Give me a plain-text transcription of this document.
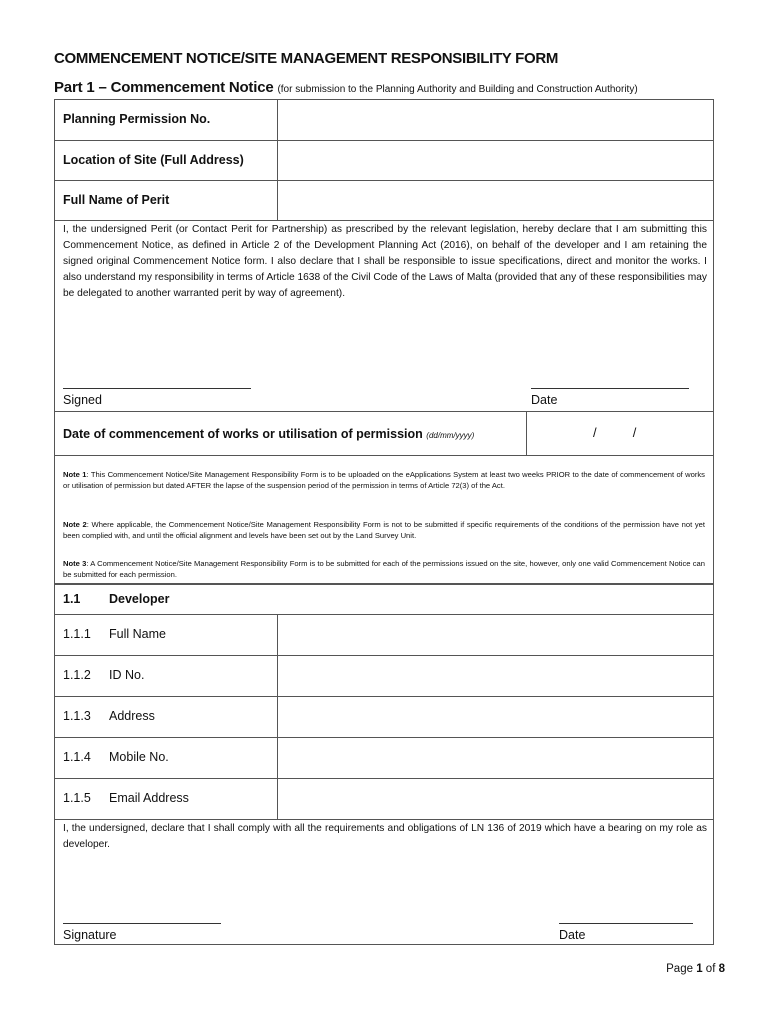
COMMENCEMENT NOTICE/SITE MANAGEMENT RESPONSIBILITY FORM
Part 1 – Commencement Notice (for submission to the Planning Authority and Building and Construction Authority)
Planning Permission No.
Location of Site (Full Address)
Full Name of Perit
I, the undersigned Perit (or Contact Perit for Partnership) as prescribed by the relevant legislation, hereby declare that I am submitting this Commencement Notice, as defined in Article 2 of the Development Planning Act (2016), on behalf of the developer and I am retaining the signed original Commencement Notice form. I also declare that I shall be responsible to issue specifications, direct and monitor the works. I also understand my responsibility in terms of Article 1638 of the Civil Code of the Laws of Malta (provided that any of these responsibilities may be delegated to another warranted perit by way of agreement).
Signed	Date
Date of commencement of works or utilisation of permission (dd/mm/yyyy)	/          /
Note 1: This Commencement Notice/Site Management Responsibility Form is to be uploaded on the eApplications System at least two weeks PRIOR to the date of commencement of works or utilisation of permission but dated AFTER the lapse of the suspension period of the permission in terms of Article 72(3) of the Act.
Note 2: Where applicable, the Commencement Notice/Site Management Responsibility Form is not to be submitted if specific requirements of the conditions of the permission have not yet been complied with, and until the official alignment and levels have been set out by the Land Survey Unit.
Note 3: A Commencement Notice/Site Management Responsibility Form is to be submitted for each of the permissions issued on the site, however, only one valid Commencement Notice can be submitted for each permission.
1.1 Developer
1.1.1 Full Name
1.1.2 ID No.
1.1.3 Address
1.1.4 Mobile No.
1.1.5 Email Address
I, the undersigned, declare that I shall comply with all the requirements and obligations of LN 136 of 2019 which have a bearing on my role as developer.
Signature	Date
Page 1 of 8
